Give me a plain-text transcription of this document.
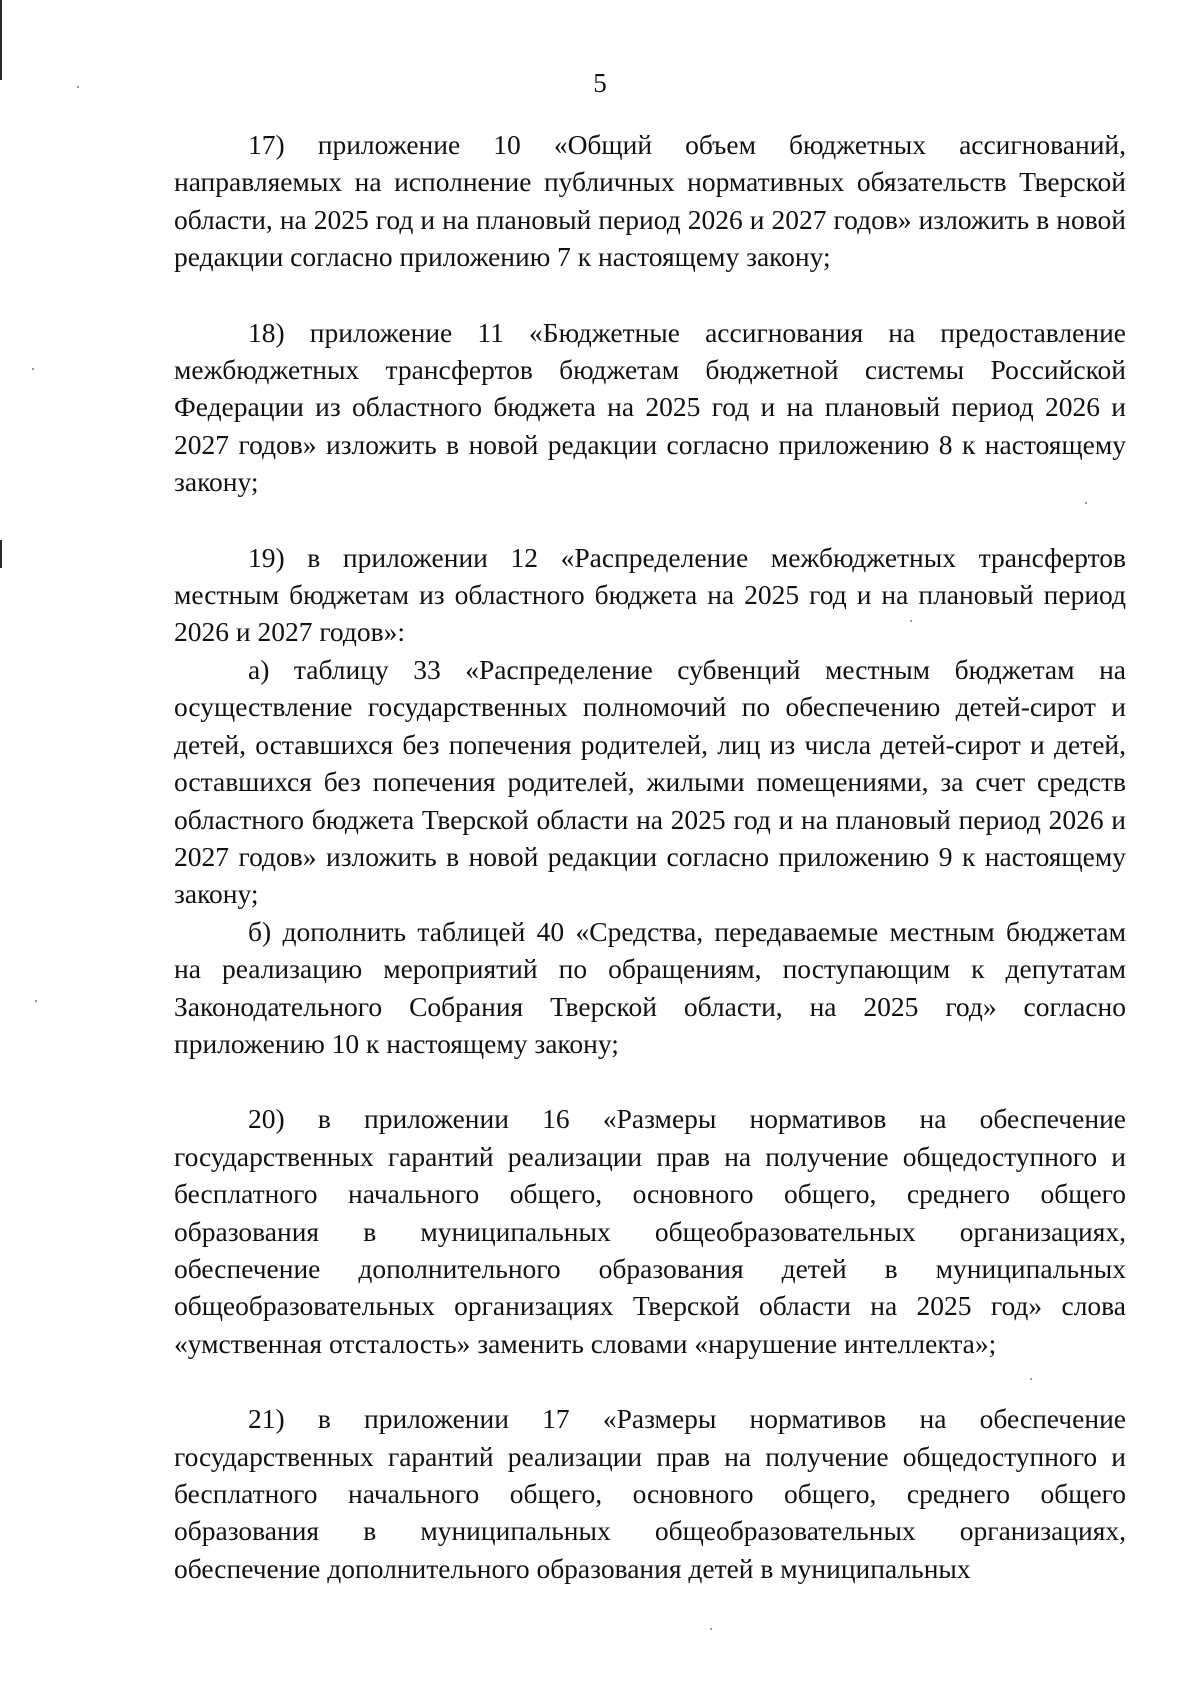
5

17) приложение 10 «Общий объем бюджетных ассигнований, направляемых на исполнение публичных нормативных обязательств Тверской области, на 2025 год и на плановый период 2026 и 2027 годов» изложить в новой редакции согласно приложению 7 к настоящему закону;

18) приложение 11 «Бюджетные ассигнования на предоставление межбюджетных трансфертов бюджетам бюджетной системы Российской Федерации из областного бюджета на 2025 год и на плановый период 2026 и 2027 годов» изложить в новой редакции согласно приложению 8 к настоящему закону;

19) в приложении 12 «Распределение межбюджетных трансфертов местным бюджетам из областного бюджета на 2025 год и на плановый период 2026 и 2027 годов»:

а) таблицу 33 «Распределение субвенций местным бюджетам на осуществление государственных полномочий по обеспечению детей-сирот и детей, оставшихся без попечения родителей, лиц из числа детей-сирот и детей, оставшихся без попечения родителей, жилыми помещениями, за счет средств областного бюджета Тверской области на 2025 год и на плановый период 2026 и 2027 годов» изложить в новой редакции согласно приложению 9 к настоящему закону;

б) дополнить таблицей 40 «Средства, передаваемые местным бюджетам на реализацию мероприятий по обращениям, поступающим к депутатам Законодательного Собрания Тверской области, на 2025 год» согласно приложению 10 к настоящему закону;

20) в приложении 16 «Размеры нормативов на обеспечение государственных гарантий реализации прав на получение общедоступного и бесплатного начального общего, основного общего, среднего общего образования в муниципальных общеобразовательных организациях, обеспечение дополнительного образования детей в муниципальных общеобразовательных организациях Тверской области на 2025 год» слова «умственная отсталость» заменить словами «нарушение интеллекта»;

21) в приложении 17 «Размеры нормативов на обеспечение государственных гарантий реализации прав на получение общедоступного и бесплатного начального общего, основного общего, среднего общего образования в муниципальных общеобразовательных организациях, обеспечение дополнительного образования детей в муниципальных
